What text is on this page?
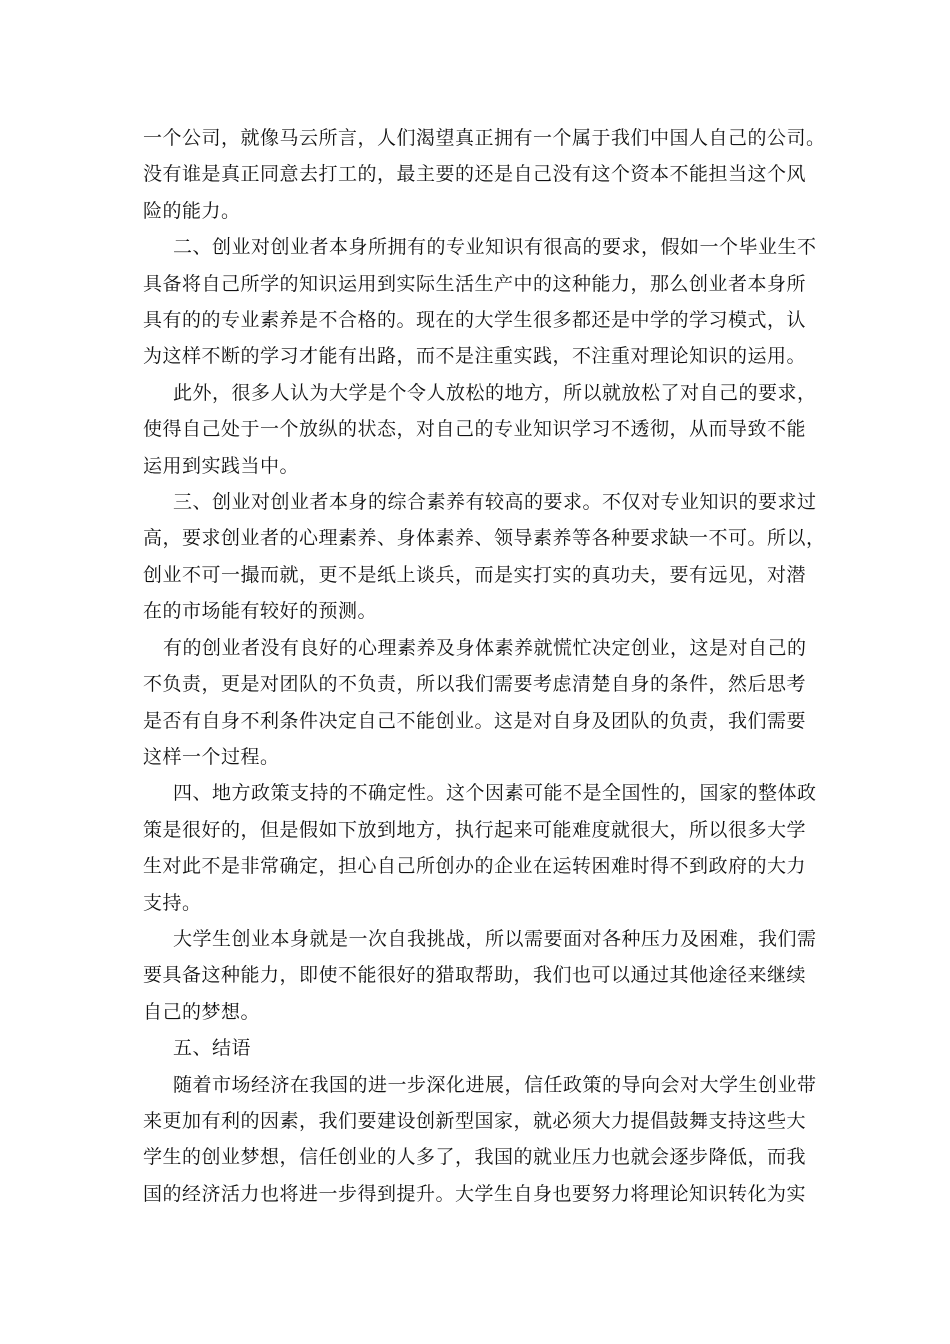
一个公司，就像马云所言，人们渴望真正拥有一个属于我们中国人自己的公司。
没有谁是真正同意去打工的，最主要的还是自己没有这个资本不能担当这个风
险的能力。

二、创业对创业者本身所拥有的专业知识有很高的要求，假如一个毕业生不
具备将自己所学的知识运用到实际生活生产中的这种能力，那么创业者本身所
具有的的专业素养是不合格的。现在的大学生很多都还是中学的学习模式，认
为这样不断的学习才能有出路，而不是注重实践，不注重对理论知识的运用。

此外，很多人认为大学是个令人放松的地方，所以就放松了对自己的要求，
使得自己处于一个放纵的状态，对自己的专业知识学习不透彻，从而导致不能
运用到实践当中。

三、创业对创业者本身的综合素养有较高的要求。不仅对专业知识的要求过
高，要求创业者的心理素养、身体素养、领导素养等各种要求缺一不可。所以，
创业不可一撮而就，更不是纸上谈兵，而是实打实的真功夫，要有远见，对潜
在的市场能有较好的预测。

有的创业者没有良好的心理素养及身体素养就慌忙决定创业，这是对自己的
不负责，更是对团队的不负责，所以我们需要考虑清楚自身的条件，然后思考
是否有自身不利条件决定自己不能创业。这是对自身及团队的负责，我们需要
这样一个过程。

四、地方政策支持的不确定性。这个因素可能不是全国性的，国家的整体政
策是很好的，但是假如下放到地方，执行起来可能难度就很大，所以很多大学
生对此不是非常确定，担心自己所创办的企业在运转困难时得不到政府的大力
支持。

大学生创业本身就是一次自我挑战，所以需要面对各种压力及困难，我们需
要具备这种能力，即使不能很好的猎取帮助，我们也可以通过其他途径来继续
自己的梦想。

五、结语

随着市场经济在我国的进一步深化进展，信任政策的导向会对大学生创业带
来更加有利的因素，我们要建设创新型国家，就必须大力提倡鼓舞支持这些大
学生的创业梦想，信任创业的人多了，我国的就业压力也就会逐步降低，而我
国的经济活力也将进一步得到提升。大学生自身也要努力将理论知识转化为实
